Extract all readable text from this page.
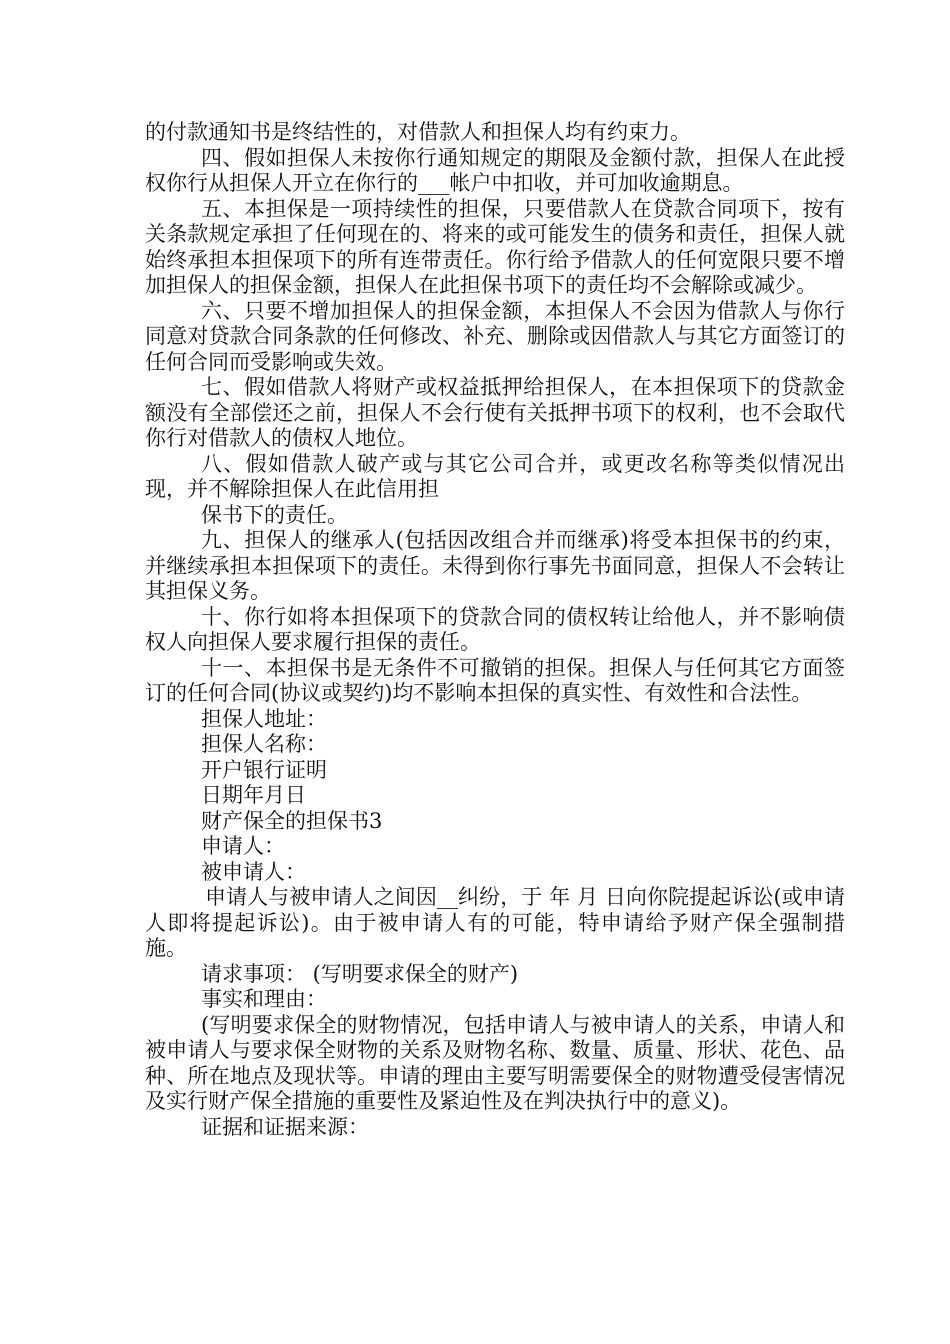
的付款通知书是终结性的，对借款人和担保人均有约束力。

四、假如担保人未按你行通知规定的期限及金额付款，担保人在此授权你行从担保人开立在你行的___帐户中扣收，并可加收逾期息。

五、本担保是一项持续性的担保，只要借款人在贷款合同项下，按有关条款规定承担了任何现在的、将来的或可能发生的债务和责任，担保人就始终承担本担保项下的所有连带责任。你行给予借款人的任何宽限只要不增加担保人的担保金额，担保人在此担保书项下的责任均不会解除或减少。

六、只要不增加担保人的担保金额，本担保人不会因为借款人与你行同意对贷款合同条款的任何修改、补充、删除或因借款人与其它方面签订的任何合同而受影响或失效。

七、假如借款人将财产或权益抵押给担保人，在本担保项下的贷款金额没有全部偿还之前，担保人不会行使有关抵押书项下的权利，也不会取代你行对借款人的债权人地位。

八、假如借款人破产或与其它公司合并，或更改名称等类似情况出现，并不解除担保人在此信用担

保书下的责任。

九、担保人的继承人(包括因改组合并而继承)将受本担保书的约束，并继续承担本担保项下的责任。未得到你行事先书面同意，担保人不会转让其担保义务。

十、你行如将本担保项下的贷款合同的债权转让给他人，并不影响债权人向担保人要求履行担保的责任。

十一、本担保书是无条件不可撤销的担保。担保人与任何其它方面签订的任何合同(协议或契约)均不影响本担保的真实性、有效性和合法性。

担保人地址：

担保人名称：

开户银行证明

日期年月日

财产保全的担保书3

申请人：

被申请人：

申请人与被申请人之间因__纠纷，于 年 月 日向你院提起诉讼(或申请人即将提起诉讼)。由于被申请人有的可能，特申请给予财产保全强制措施。

请求事项： (写明要求保全的财产)

事实和理由：

(写明要求保全的财物情况，包括申请人与被申请人的关系，申请人和被申请人与要求保全财物的关系及财物名称、数量、质量、形状、花色、品种、所在地点及现状等。申请的理由主要写明需要保全的财物遭受侵害情况及实行财产保全措施的重要性及紧迫性及在判决执行中的意义)。

证据和证据来源：
